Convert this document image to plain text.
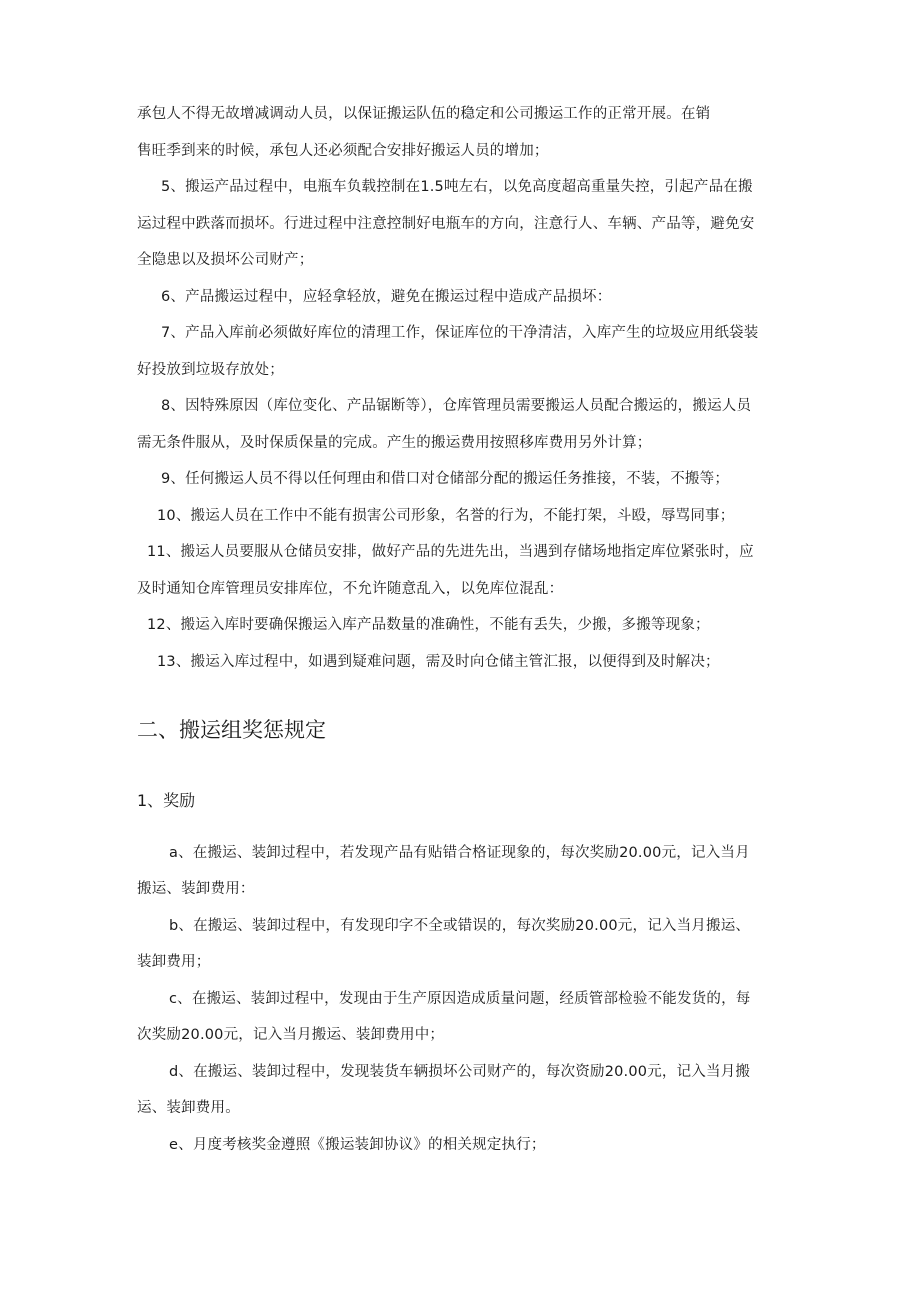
承包人不得无故增减调动人员，以保证搬运队伍的稳定和公司搬运工作的正常开展。在销
售旺季到来的时候，承包人还必须配合安排好搬运人员的增加；
5、搬运产品过程中，电瓶车负载控制在1.5吨左右，以免高度超高重量失控，引起产品在搬
运过程中跌落而损坏。行进过程中注意控制好电瓶车的方向，注意行人、车辆、产品等，避免安
全隐患以及损坏公司财产；
6、产品搬运过程中，应轻拿轻放，避免在搬运过程中造成产品损坏：
7、产品入库前必须做好库位的清理工作，保证库位的干净清洁，入库产生的垃圾应用纸袋装
好投放到垃圾存放处；
8、因特殊原因（库位变化、产品锯断等），仓库管理员需要搬运人员配合搬运的，搬运人员
需无条件服从，及时保质保量的完成。产生的搬运费用按照移库费用另外计算；
9、任何搬运人员不得以任何理由和借口对仓储部分配的搬运任务推接，不装，不搬等；
10、搬运人员在工作中不能有损害公司形象，名誉的行为，不能打架，斗殴，辱骂同事；
11、搬运人员要服从仓储员安排，做好产品的先进先出，当遇到存储场地指定库位紧张时，应
及时通知仓库管理员安排库位，不允许随意乱入，以免库位混乱：
12、搬运入库时要确保搬运入库产品数量的准确性，不能有丢失，少搬，多搬等现象；
13、搬运入库过程中，如遇到疑难问题，需及时向仓储主管汇报，以便得到及时解决；
二、搬运组奖惩规定
1、奖励
a、在搬运、装卸过程中，若发现产品有贴错合格证现象的，每次奖励20.00元，记入当月
搬运、装卸费用：
b、在搬运、装卸过程中，有发现印字不全或错误的，每次奖励20.00元，记入当月搬运、
装卸费用；
c、在搬运、装卸过程中，发现由于生产原因造成质量问题，经质管部检验不能发货的，每
次奖励20.00元，记入当月搬运、装卸费用中；
d、在搬运、装卸过程中，发现装货车辆损坏公司财产的，每次资励20.00元，记入当月搬
运、装卸费用。
e、月度考核奖金遵照《搬运装卸协议》的相关规定执行；
